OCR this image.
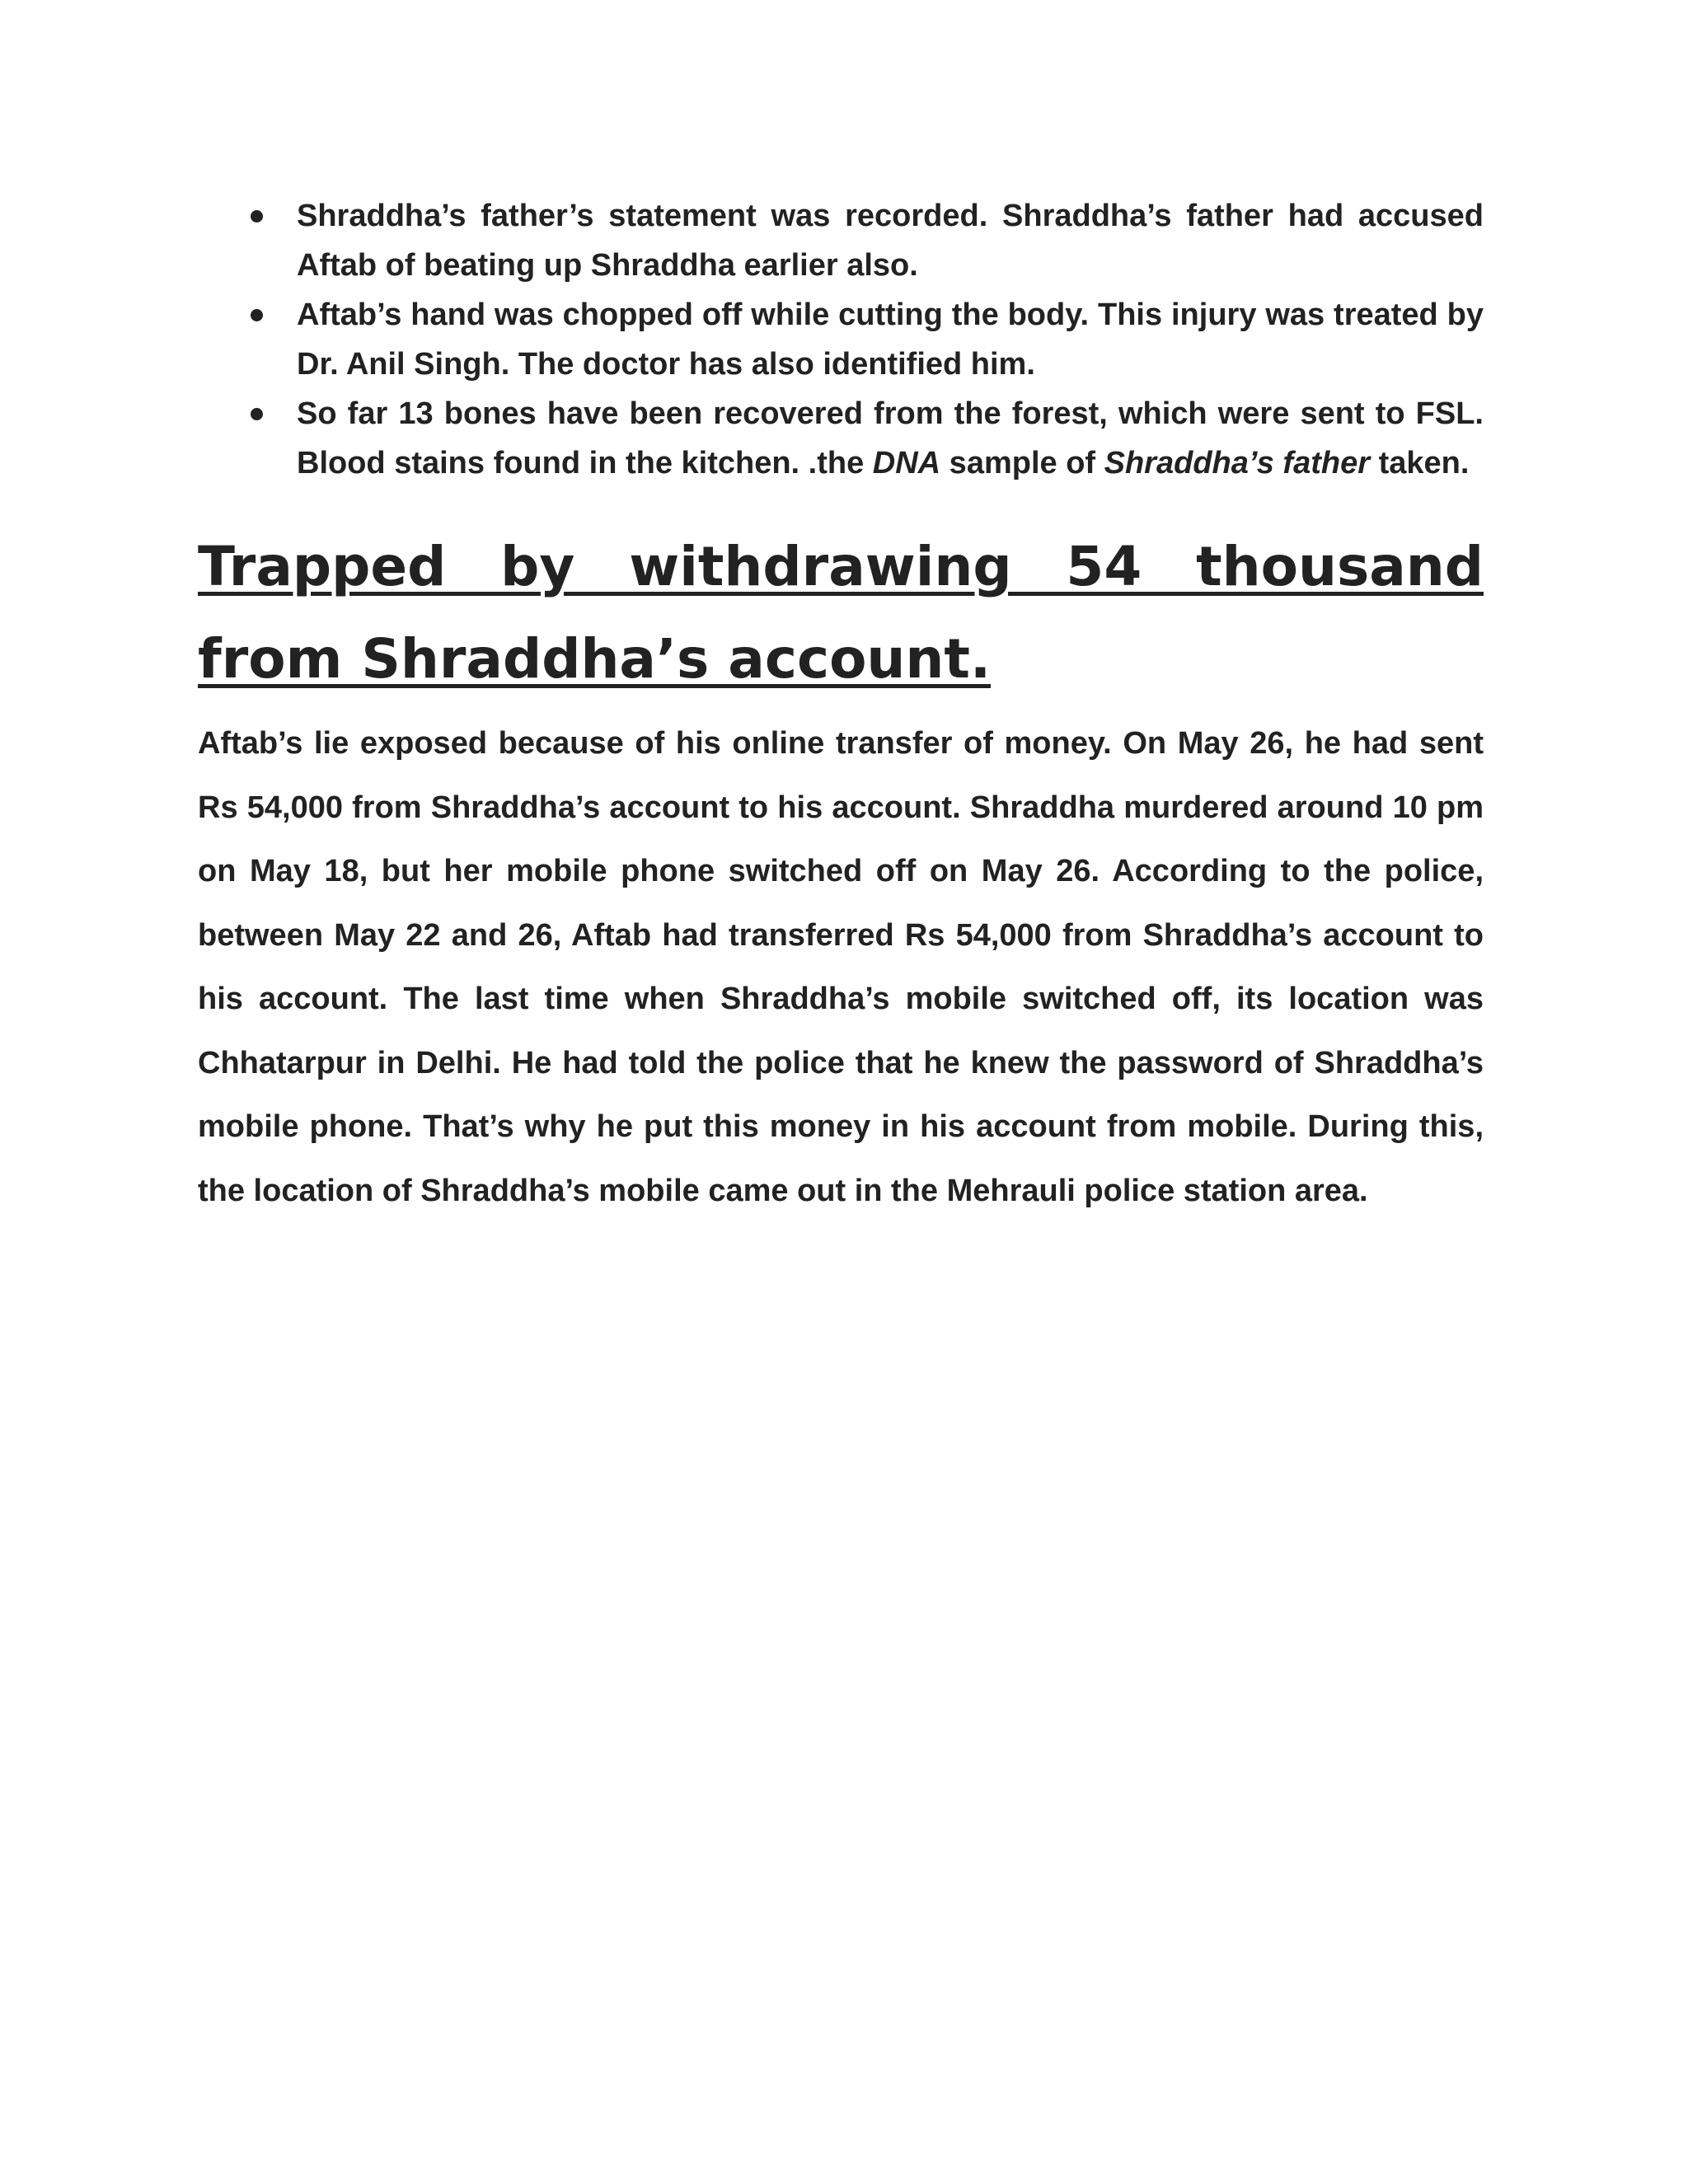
Shraddha’s father’s statement was recorded. Shraddha’s father had accused Aftab of beating up Shraddha earlier also.
Aftab’s hand was chopped off while cutting the body. This injury was treated by Dr. Anil Singh. The doctor has also identified him.
So far 13 bones have been recovered from the forest, which were sent to FSL. Blood stains found in the kitchen. .the DNA sample of Shraddha’s father taken.
Trapped by withdrawing 54 thousand from Shraddha’s account.

Aftab’s lie exposed because of his online transfer of money. On May 26, he had sent Rs 54,000 from Shraddha’s account to his account. Shraddha murdered around 10 pm on May 18, but her mobile phone switched off on May 26. According to the police, between May 22 and 26, Aftab had transferred Rs 54,000 from Shraddha’s account to his account. The last time when Shraddha’s mobile switched off, its location was Chhatarpur in Delhi. He had told the police that he knew the password of Shraddha’s mobile phone. That’s why he put this money in his account from mobile. During this, the location of Shraddha’s mobile came out in the Mehrauli police station area.
